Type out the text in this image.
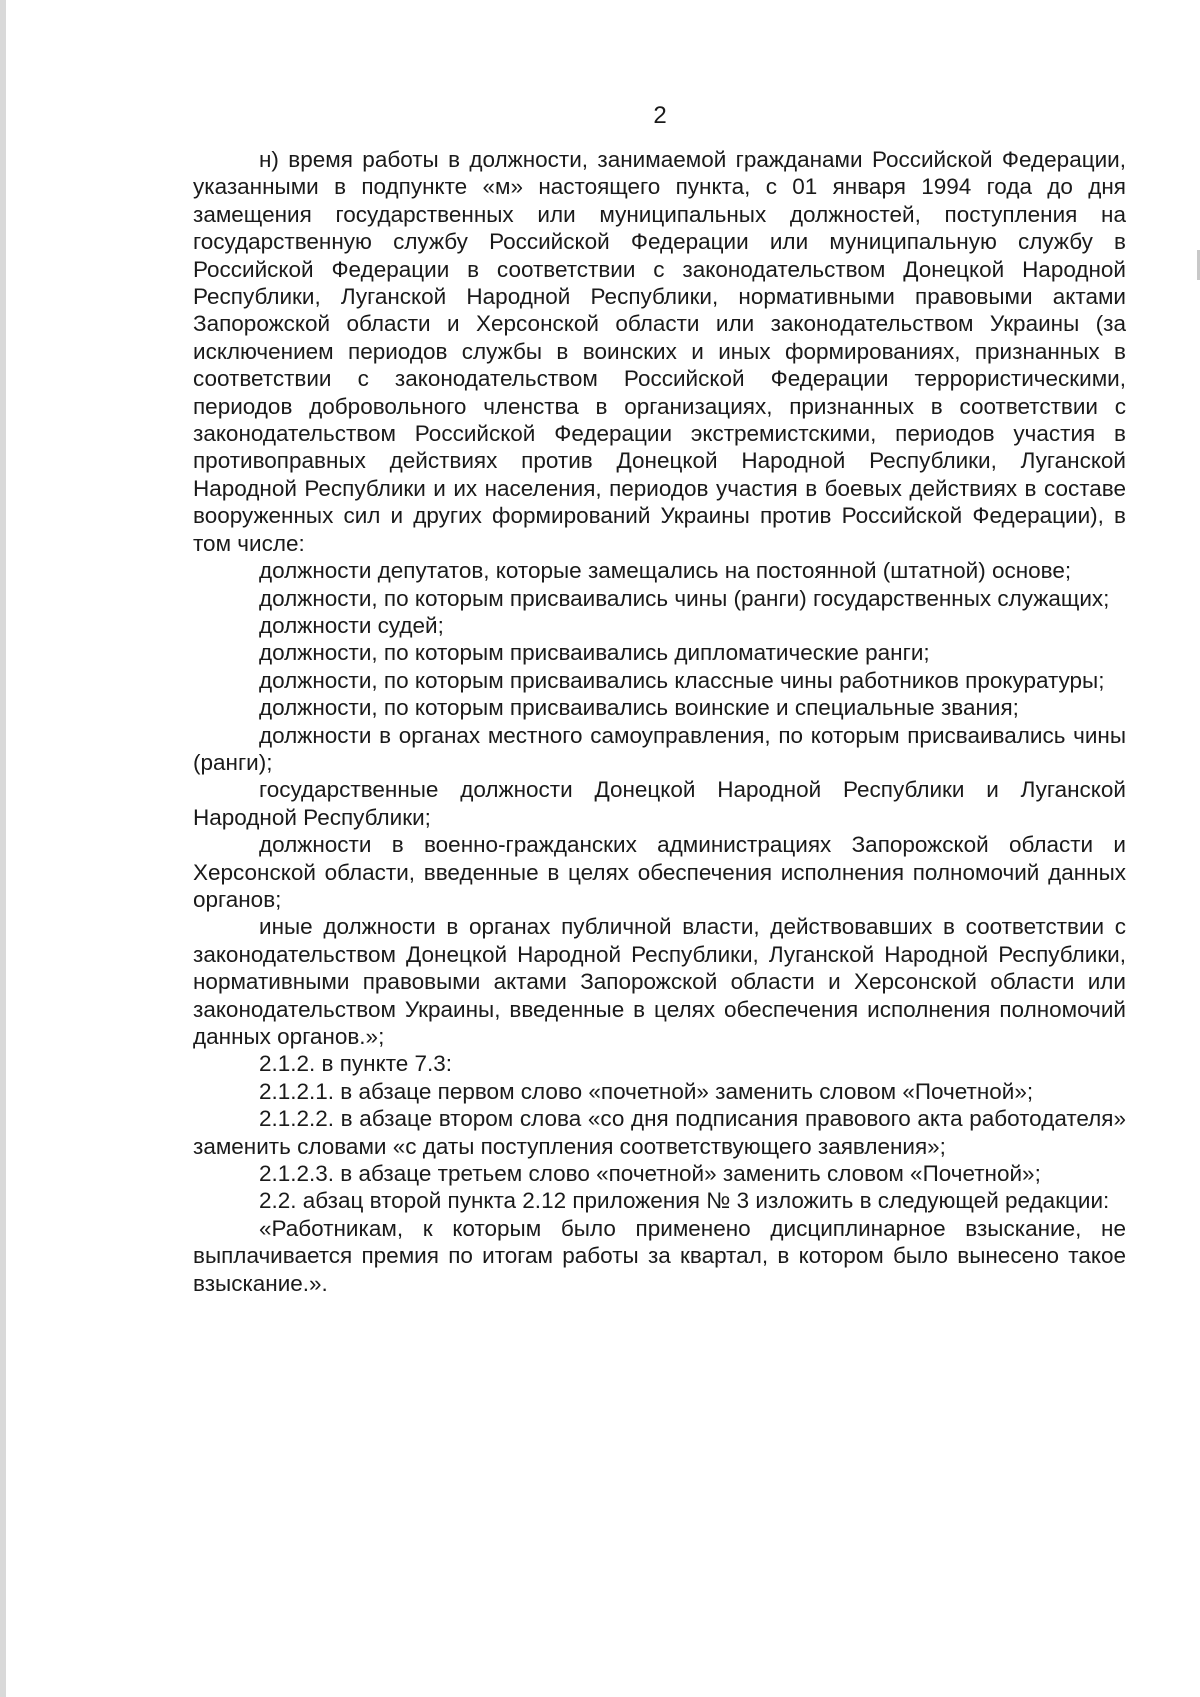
2

н) время работы в должности, занимаемой гражданами Российской Федерации, указанными в подпункте «м» настоящего пункта, с 01 января 1994 года до дня замещения государственных или муниципальных должностей, поступления на государственную службу Российской Федерации или муниципальную службу в Российской Федерации в соответствии с законодательством Донецкой Народной Республики, Луганской Народной Республики, нормативными правовыми актами Запорожской области и Херсонской области или законодательством Украины (за исключением периодов службы в воинских и иных формированиях, признанных в соответствии с законодательством Российской Федерации террористическими, периодов добровольного членства в организациях, признанных в соответствии с законодательством Российской Федерации экстремистскими, периодов участия в противоправных действиях против Донецкой Народной Республики, Луганской Народной Республики и их населения, периодов участия в боевых действиях в составе вооруженных сил и других формирований Украины против Российской Федерации), в том числе:

должности депутатов, которые замещались на постоянной (штатной) основе;

должности, по которым присваивались чины (ранги) государственных служащих;

должности судей;

должности, по которым присваивались дипломатические ранги;

должности, по которым присваивались классные чины работников прокуратуры;

должности, по которым присваивались воинские и специальные звания;

должности в органах местного самоуправления, по которым присваивались чины (ранги);

государственные должности Донецкой Народной Республики и Луганской Народной Республики;

должности в военно-гражданских администрациях Запорожской области и Херсонской области, введенные в целях обеспечения исполнения полномочий данных органов;

иные должности в органах публичной власти, действовавших в соответствии с законодательством Донецкой Народной Республики, Луганской Народной Республики, нормативными правовыми актами Запорожской области и Херсонской области или законодательством Украины, введенные в целях обеспечения исполнения полномочий данных органов.»;

2.1.2. в пункте 7.3:

2.1.2.1. в абзаце первом слово «почетной» заменить словом «Почетной»;

2.1.2.2. в абзаце втором слова «со дня подписания правового акта работодателя» заменить словами «с даты поступления соответствующего заявления»;

2.1.2.3. в абзаце третьем слово «почетной» заменить словом «Почетной»;

2.2. абзац второй пункта 2.12 приложения № 3 изложить в следующей редакции:

«Работникам, к которым было применено дисциплинарное взыскание, не выплачивается премия по итогам работы за квартал, в котором было вынесено такое взыскание.».
